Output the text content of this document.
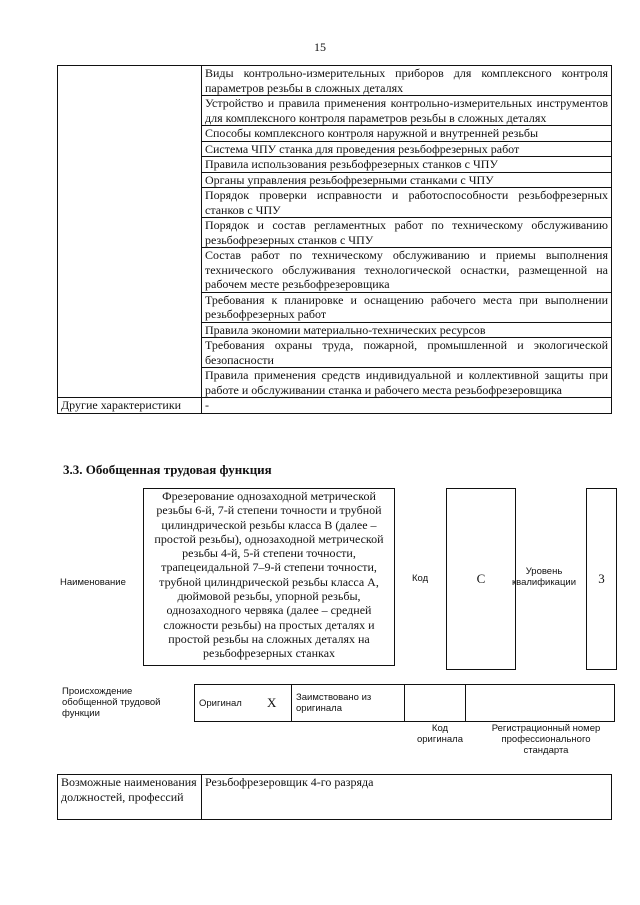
15
	Виды контрольно-измерительных приборов для комплексного контроля параметров резьбы в сложных деталях
	Устройство и правила применения контрольно-измерительных инструментов для комплексного контроля параметров резьбы в сложных деталях
	Способы комплексного контроля наружной и внутренней резьбы
	Система ЧПУ станка для проведения резьбофрезерных работ
	Правила использования резьбофрезерных станков с ЧПУ
	Органы управления резьбофрезерными станками с ЧПУ
	Порядок проверки исправности и работоспособности резьбофрезерных станков с ЧПУ
	Порядок и состав регламентных работ по техническому обслуживанию резьбофрезерных станков с ЧПУ
	Состав работ по техническому обслуживанию и приемы выполнения технического обслуживания технологической оснастки, размещенной на рабочем месте резьбофрезеровщика
	Требования к планировке и оснащению рабочего места при выполнении резьбофрезерных работ
	Правила экономии материально-технических ресурсов
	Требования охраны труда, пожарной, промышленной и экологической безопасности
	Правила применения средств индивидуальной и коллективной защиты при работе и обслуживании станка и рабочего места резьбофрезеровщика
Другие характеристики	-
3.3. Обобщенная трудовая функция
Наименование
Фрезерование однозаходной метрической резьбы 6-й, 7-й степени точности и трубной цилиндрической резьбы класса В (далее – простой резьбы), однозаходной метрической резьбы 4-й, 5-й степени точности, трапецеидальной 7–9-й степени точности, трубной цилиндрической резьбы класса А, дюймовой резьбы, упорной резьбы, однозаходного червяка (далее – средней сложности резьбы) на простых деталях и простой резьбы на сложных деталях на резьбофрезерных станках
Код	С	Уровень квалификации	3
Происхождение обобщенной трудовой функции
Оригинал	X	Заимствовано из оригинала		
Код оригинала
Регистрационный номер профессионального стандарта
Возможные наименования должностей, профессий	Резьбофрезеровщик 4-го разряда
